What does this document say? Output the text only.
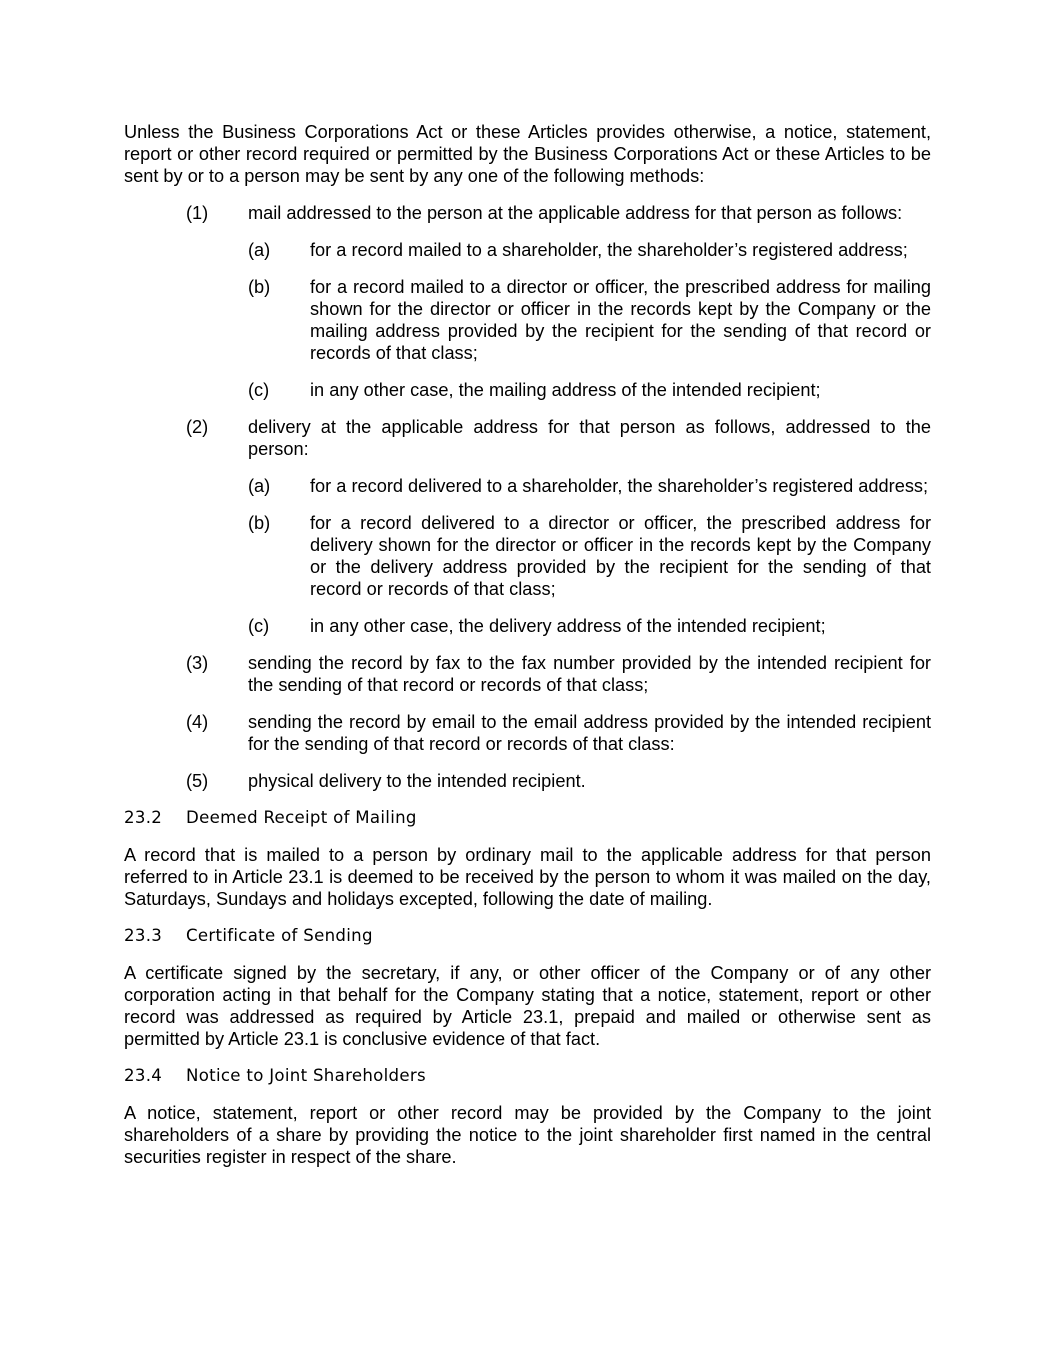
Unless the Business Corporations Act or these Articles provides otherwise, a notice, statement, report or other record required or permitted by the Business Corporations Act or these Articles to be sent by or to a person may be sent by any one of the following methods:

(1)	mail addressed to the person at the applicable address for that person as follows:
(a)	for a record mailed to a shareholder, the shareholder’s registered address;
(b)	for a record mailed to a director or officer, the prescribed address for mailing shown for the director or officer in the records kept by the Company or the mailing address provided by the recipient for the sending of that record or records of that class;
(c)	in any other case, the mailing address of the intended recipient;
(2)	delivery at the applicable address for that person as follows, addressed to the person:
(a)	for a record delivered to a shareholder, the shareholder’s registered address;
(b)	for a record delivered to a director or officer, the prescribed address for delivery shown for the director or officer in the records kept by the Company or the delivery address provided by the recipient for the sending of that record or records of that class;
(c)	in any other case, the delivery address of the intended recipient;
(3)	sending the record by fax to the fax number provided by the intended recipient for the sending of that record or records of that class;
(4)	sending the record by email to the email address provided by the intended recipient for the sending of that record or records of that class:
(5)	physical delivery to the intended recipient.
23.2	Deemed Receipt of Mailing

A record that is mailed to a person by ordinary mail to the applicable address for that person referred to in Article 23.1 is deemed to be received by the person to whom it was mailed on the day, Saturdays, Sundays and holidays excepted, following the date of mailing.

23.3	Certificate of Sending

A certificate signed by the secretary, if any, or other officer of the Company or of any other corporation acting in that behalf for the Company stating that a notice, statement, report or other record was addressed as required by Article 23.1, prepaid and mailed or otherwise sent as permitted by Article 23.1 is conclusive evidence of that fact.

23.4	Notice to Joint Shareholders

A notice, statement, report or other record may be provided by the Company to the joint shareholders of a share by providing the notice to the joint shareholder first named in the central securities register in respect of the share.
